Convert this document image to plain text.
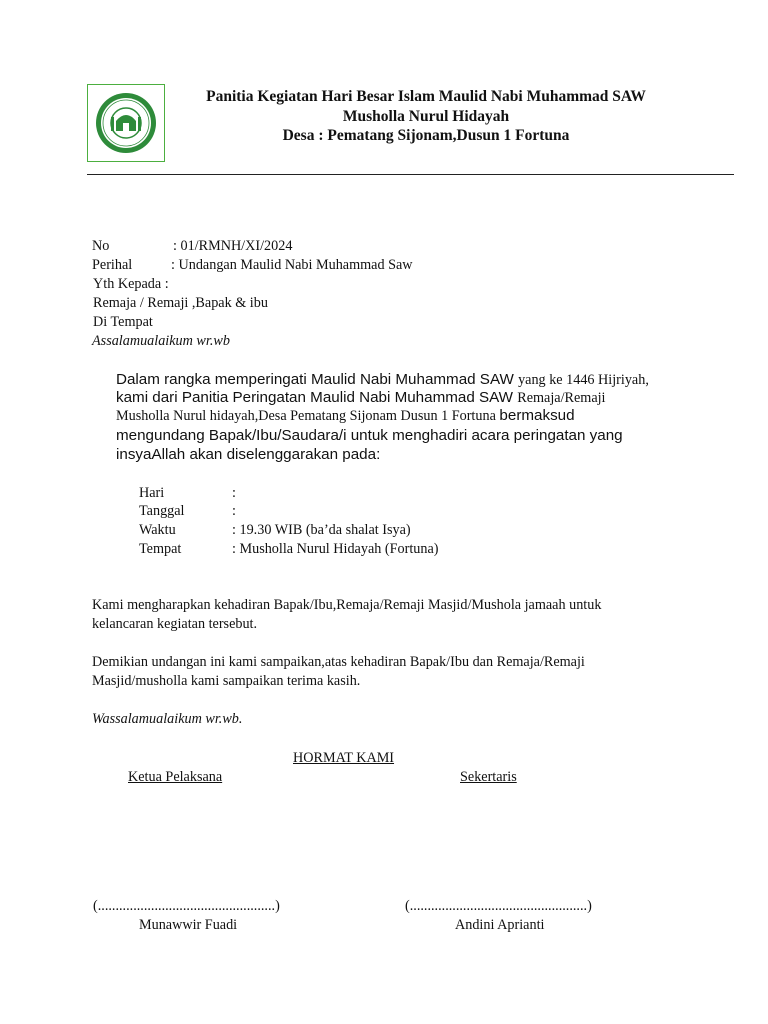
Panitia Kegiatan Hari Besar Islam Maulid Nabi Muhammad SAW
Musholla Nurul Hidayah
Desa : Pematang Sijonam,Dusun 1 Fortuna
No	: 01/RMNH/XI/2024
Perihal	: Undangan Maulid Nabi Muhammad Saw
Yth Kepada :
Remaja / Remaji ,Bapak & ibu
Di Tempat
Assalamualaikum wr.wb
Dalam rangka memperingati Maulid Nabi Muhammad SAW yang ke 1446 Hijriyah,
kami dari Panitia Peringatan Maulid Nabi Muhammad SAW Remaja/Remaji
Musholla Nurul hidayah,Desa Pematang Sijonam Dusun 1 Fortuna bermaksud
mengundang Bapak/Ibu/Saudara/i untuk menghadiri acara peringatan yang
insyaAllah akan diselenggarakan pada:
Hari	:
Tanggal	:
Waktu	: 19.30 WIB (ba’da shalat Isya)
Tempat	: Musholla Nurul Hidayah (Fortuna)
Kami mengharapkan kehadiran Bapak/Ibu,Remaja/Remaji Masjid/Mushola jamaah untuk
kelancaran kegiatan tersebut.
Demikian undangan ini kami sampaikan,atas kehadiran Bapak/Ibu dan Remaja/Remaji
Masjid/musholla kami sampaikan terima kasih.
Wassalamualaikum wr.wb.
HORMAT KAMI
Ketua Pelaksana	Sekertaris
(..................................................)	(..................................................)
Munawwir Fuadi	Andini Aprianti
